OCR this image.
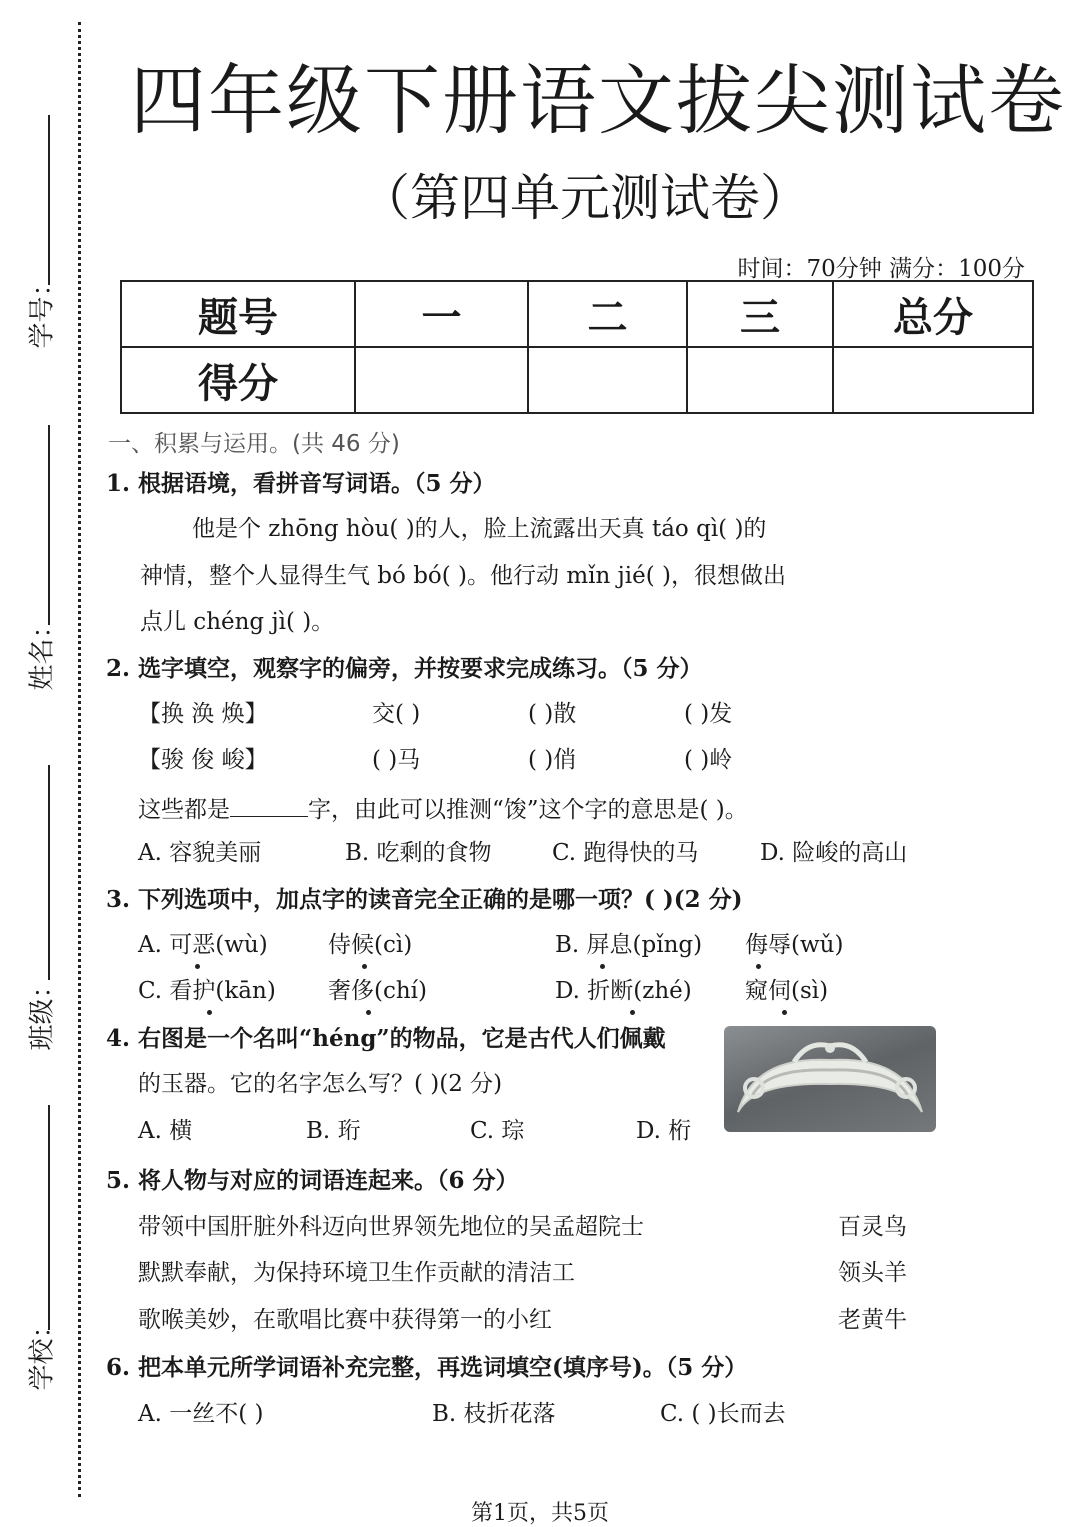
学号：
姓名：
班级：
学校：
四年级下册语文拔尖测试卷
（第四单元测试卷）
时间：70分钟 满分：100分
题号	一	二	三	总分
得分				
一、积累与运用。(共 46 分)
1. 根据语境，看拼音写词语。（5 分）
他是个 zhōng hòu( )的人，脸上流露出天真 táo qì( )的
神情，整个人显得生气 bó bó( )。他行动 mǐn jié( )，很想做出
点儿 chéng jì( )。
2. 选字填空，观察字的偏旁，并按要求完成练习。（5 分）
【换 涣 焕】	交( )	( )散	( )发
【骏 俊 峻】	( )马	( )俏	( )岭
这些都是	字，由此可以推测“馂”这个字的意思是( )。
A. 容貌美丽	B. 吃剩的食物	C. 跑得快的马	D. 险峻的高山
3. 下列选项中，加点字的读音完全正确的是哪一项？( )(2 分)
A. 可恶(wù)	侍候(cì)	B. 屏息(pǐng) 侮辱(wǔ)
C. 看护(kān) 奢侈(chí)	D. 折断(zhé) 窥伺(sì)
4. 右图是一个名叫“héng”的物品，它是古代人们佩戴
的玉器。它的名字怎么写？( )(2 分)
A. 横	B. 珩	C. 琮	D. 桁
5. 将人物与对应的词语连起来。（6 分）
带领中国肝脏外科迈向世界领先地位的吴孟超院士	百灵鸟
默默奉献，为保持环境卫生作贡献的清洁工	领头羊
歌喉美妙，在歌唱比赛中获得第一的小红	老黄牛
6. 把本单元所学词语补充完整，再选词填空(填序号)。（5 分）
A. 一丝不( )	B. 枝折花落	C. ( )长而去
第1页，共5页
